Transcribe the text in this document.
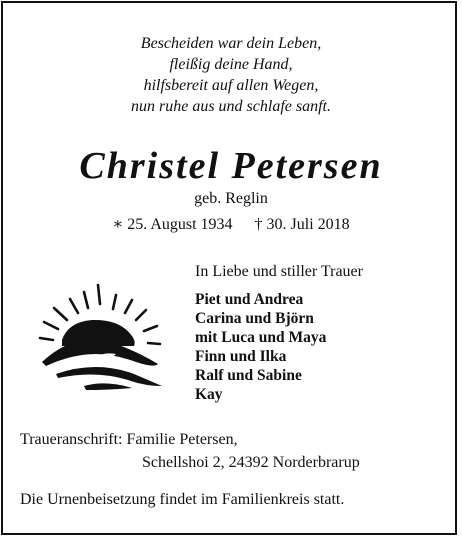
Bescheiden war dein Leben,
fleißig deine Hand,
hilfsbereit auf allen Wegen,
nun ruhe aus und schlafe sanft.
Christel Petersen
geb. Reglin
∗ 25. August 1934 † 30. Juli 2018
In Liebe und stiller Trauer
Piet und Andrea
Carina und Björn
mit Luca und Maya
Finn und Ilka
Ralf und Sabine
Kay
Traueranschrift: Familie Petersen,
Schellshoi 2, 24392 Norderbrarup
Die Urnenbeisetzung findet im Familienkreis statt.
